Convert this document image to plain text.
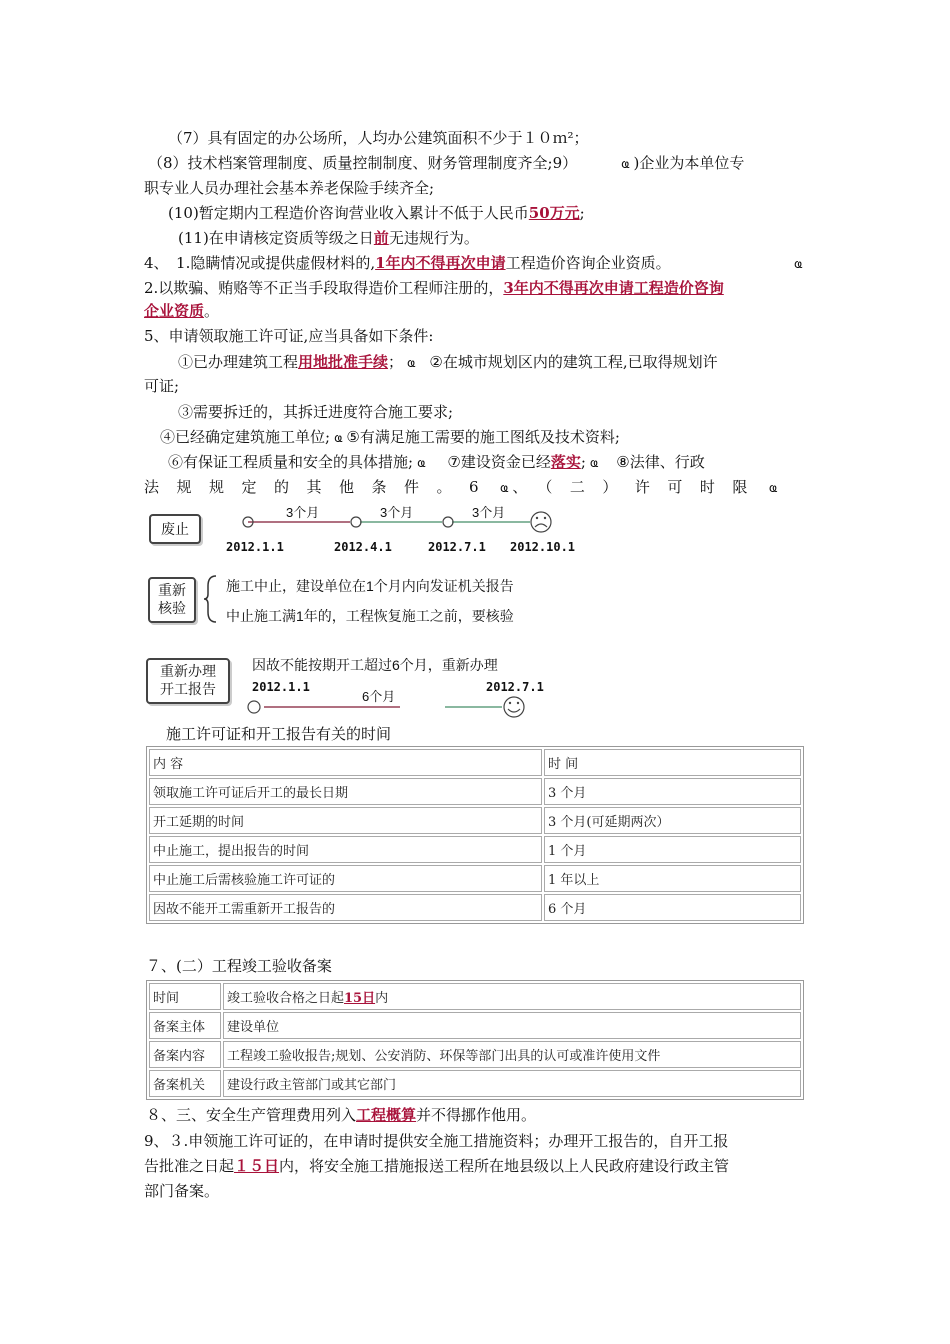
（7）具有固定的办公场所，人均办公建筑面积不少于１０ｍ²；
（8）技术档案管理制度、质量控制制度、财务管理制度齐全;9）	ҩ )企业为本单位专
职专业人员办理社会基本养老保险手续齐全;
(10)暂定期内工程造价咨询营业收入累计不低于人民币50万元;
(11)在申请核定资质等级之日前无违规行为。
4、　1.隐瞒情况或提供虚假材料的,1年内不得再次申请工程造价咨询企业资质。	ҩ
2.以欺骗、贿赂等不正当手段取得造价工程师注册的，3年内不得再次申请工程造价咨询
企业资质。
5、申请领取施工许可证,应当具备如下条件:
①已办理建筑工程用地批准手续； ҩ ②在城市规划区内的建筑工程,已取得规划许
可证;
③需要拆迁的，其拆迁进度符合施工要求;
④已经确定建筑施工单位; ҩ ⑤有满足施工需要的施工图纸及技术资料;
⑥有保证工程质量和安全的具体措施; ҩ ⑦建设资金已经落实; ҩ ⑧法律、行政
法规规定的其他条件。6 ҩ 、（二）许可时限 ҩ
废止
3个月	3个月	3个月
2012.1.1	2012.4.1	2012.7.1 2012.10.1
重新
核验
施工中止，建设单位在1个月内向发证机关报告
中止施工满1年的，工程恢复施工之前，要核验
重新办理
开工报告
因故不能按期开工超过6个月，重新办理
2012.1.1	2012.7.1
6个月
施工许可证和开工报告有关的时间
内 容	时 间
领取施工许可证后开工的最长日期	3 个月
开工延期的时间	3 个月(可延期两次）
中止施工，提出报告的时间	1 个月
中止施工后需核验施工许可证的	1 年以上
因故不能开工需重新开工报告的	6 个月
７、(二）工程竣工验收备案
时间	竣工验收合格之日起15日内
备案主体	建设单位
备案内容	工程竣工验收报告;规划、公安消防、环保等部门出具的认可或准许使用文件
备案机关	建设行政主管部门或其它部门
８、三、安全生产管理费用列入工程概算并不得挪作他用。
9、３.申领施工许可证的，在申请时提供安全施工措施资料；办理开工报告的，自开工报
告批准之日起１５日内，将安全施工措施报送工程所在地县级以上人民政府建设行政主管
部门备案。
